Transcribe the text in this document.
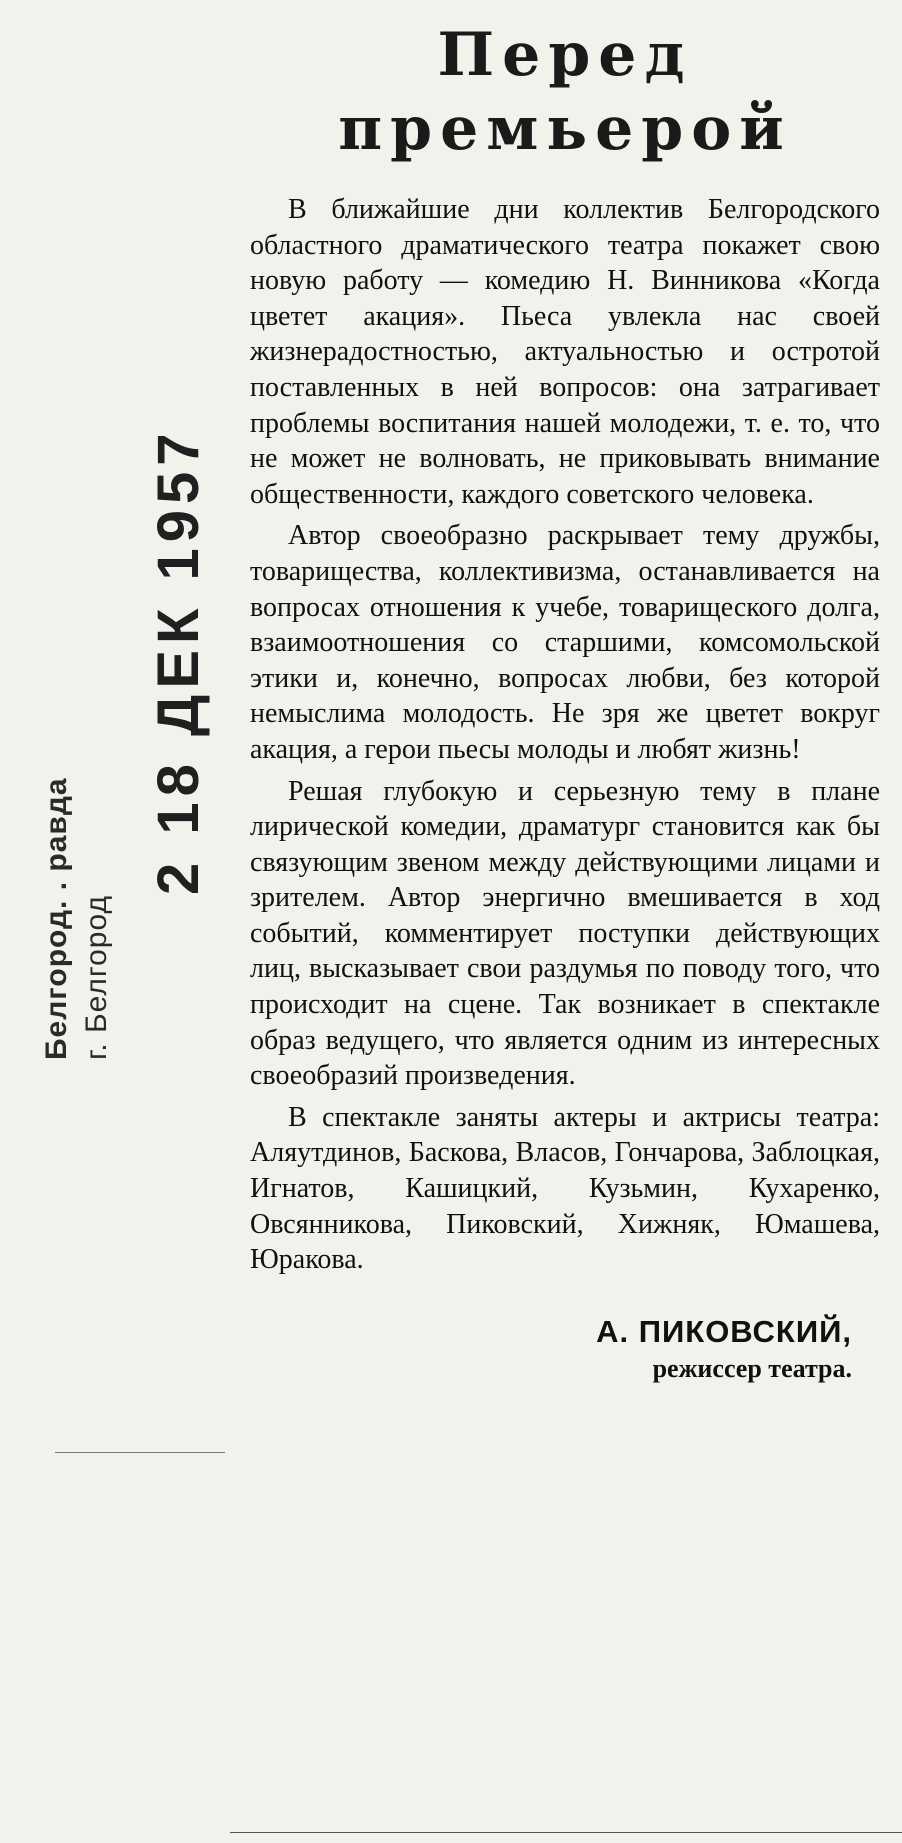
Белгород. . равда г. Белгород
2 18 ДЕК 1957
Перед
премьерой

В ближайшие дни коллектив Белгородского областного драматического театра покажет свою новую работу — комедию Н. Винникова «Когда цветет акация». Пьеса увлекла нас своей жизнерадостностью, актуальностью и остротой поставленных в ней вопросов: она затрагивает проблемы воспитания нашей молодежи, т. е. то, что не может не волновать, не приковывать внимание общественности, каждого советского человека.

Автор своеобразно раскрывает тему дружбы, товарищества, коллективизма, останавливается на вопросах отношения к учебе, товарищеского долга, взаимоотношения со старшими, комсомольской этики и, конечно, вопросах любви, без которой немыслима молодость. Не зря же цветет вокруг акация, а герои пьесы молоды и любят жизнь!

Решая глубокую и серьезную тему в плане лирической комедии, драматург становится как бы связующим звеном между действующими лицами и зрителем. Автор энергично вмешивается в ход событий, комментирует поступки действующих лиц, высказывает свои раздумья по поводу того, что происходит на сцене. Так возникает в спектакле образ ведущего, что является одним из интересных своеобразий произведения.

В спектакле заняты актеры и актрисы театра: Аляутдинов, Баскова, Власов, Гончарова, Заблоцкая, Игнатов, Кашицкий, Кузьмин, Кухаренко, Овсянникова, Пиковский, Хижняк, Юмашева, Юракова.

А. ПИКОВСКИЙ,
режиссер театра.
